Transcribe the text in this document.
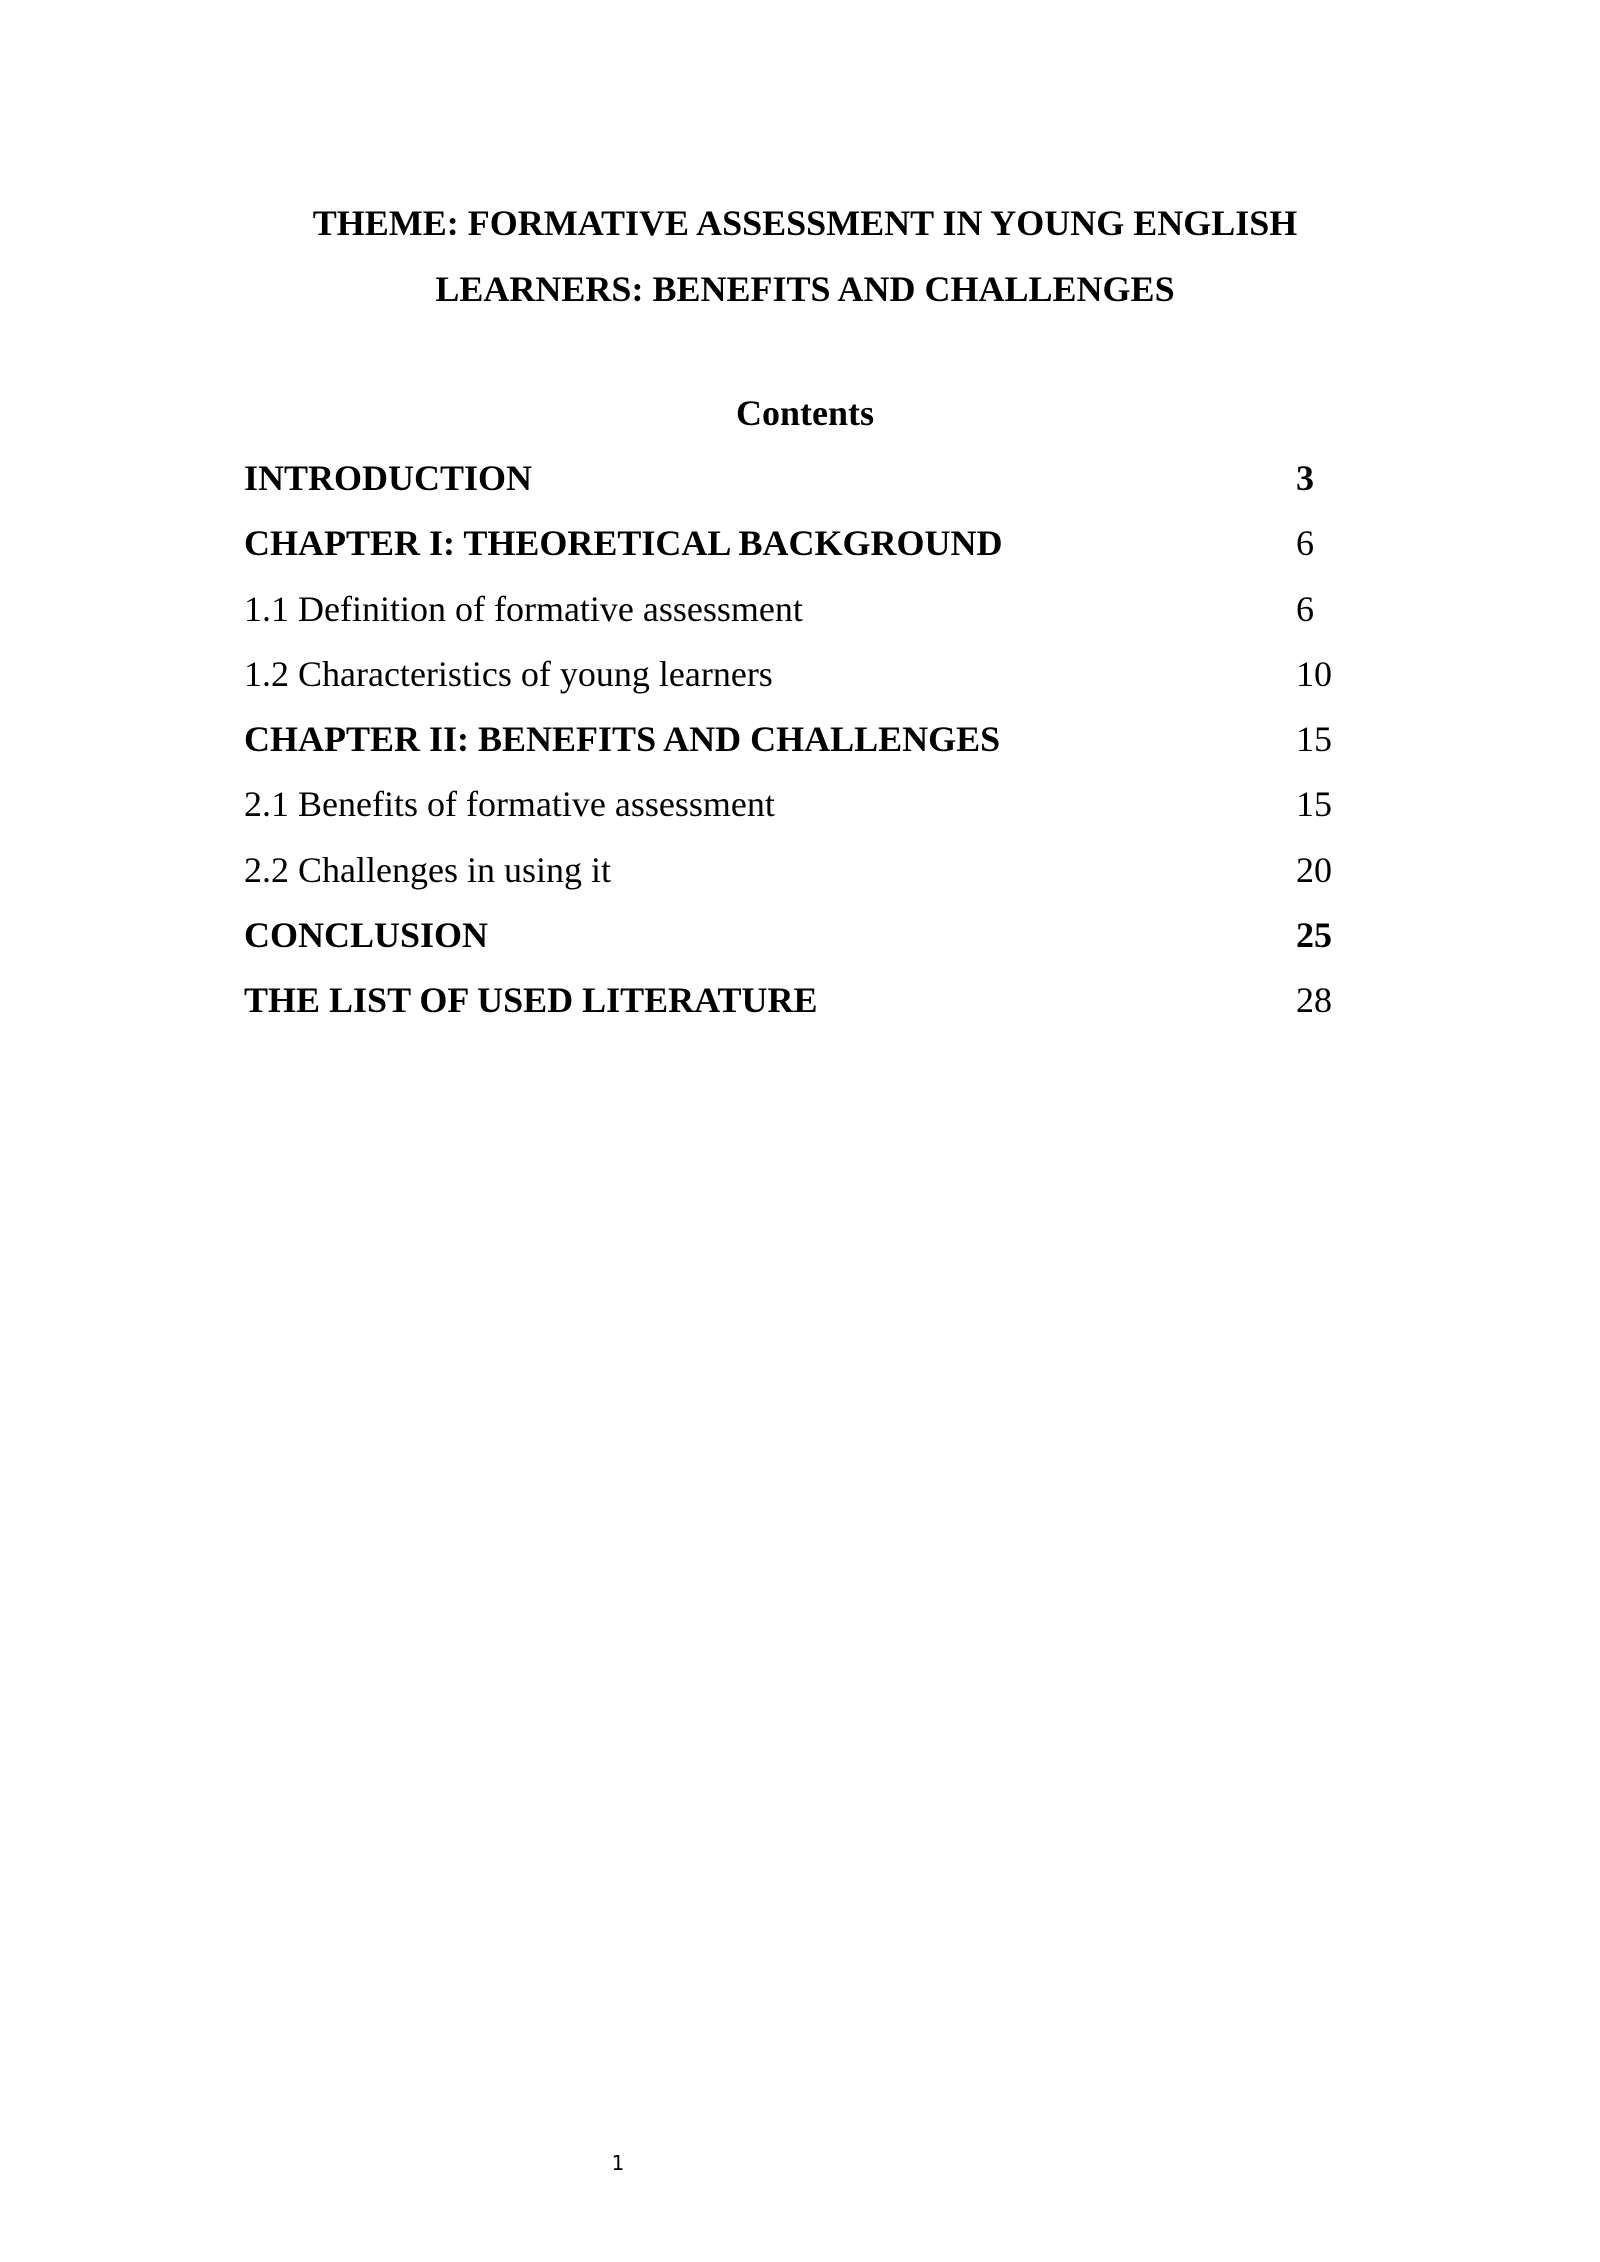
THEME: FORMATIVE ASSESSMENT IN YOUNG ENGLISH
LEARNERS: BENEFITS AND CHALLENGES
Contents
INTRODUCTION	3
CHAPTER I: THEORETICAL BACKGROUND	6
1.1 Definition of formative assessment	6
1.2 Characteristics of young learners	10
CHAPTER II: BENEFITS AND CHALLENGES	15
2.1 Benefits of formative assessment	15
2.2 Challenges in using it	20
CONCLUSION	25
THE LIST OF USED LITERATURE	28
1
